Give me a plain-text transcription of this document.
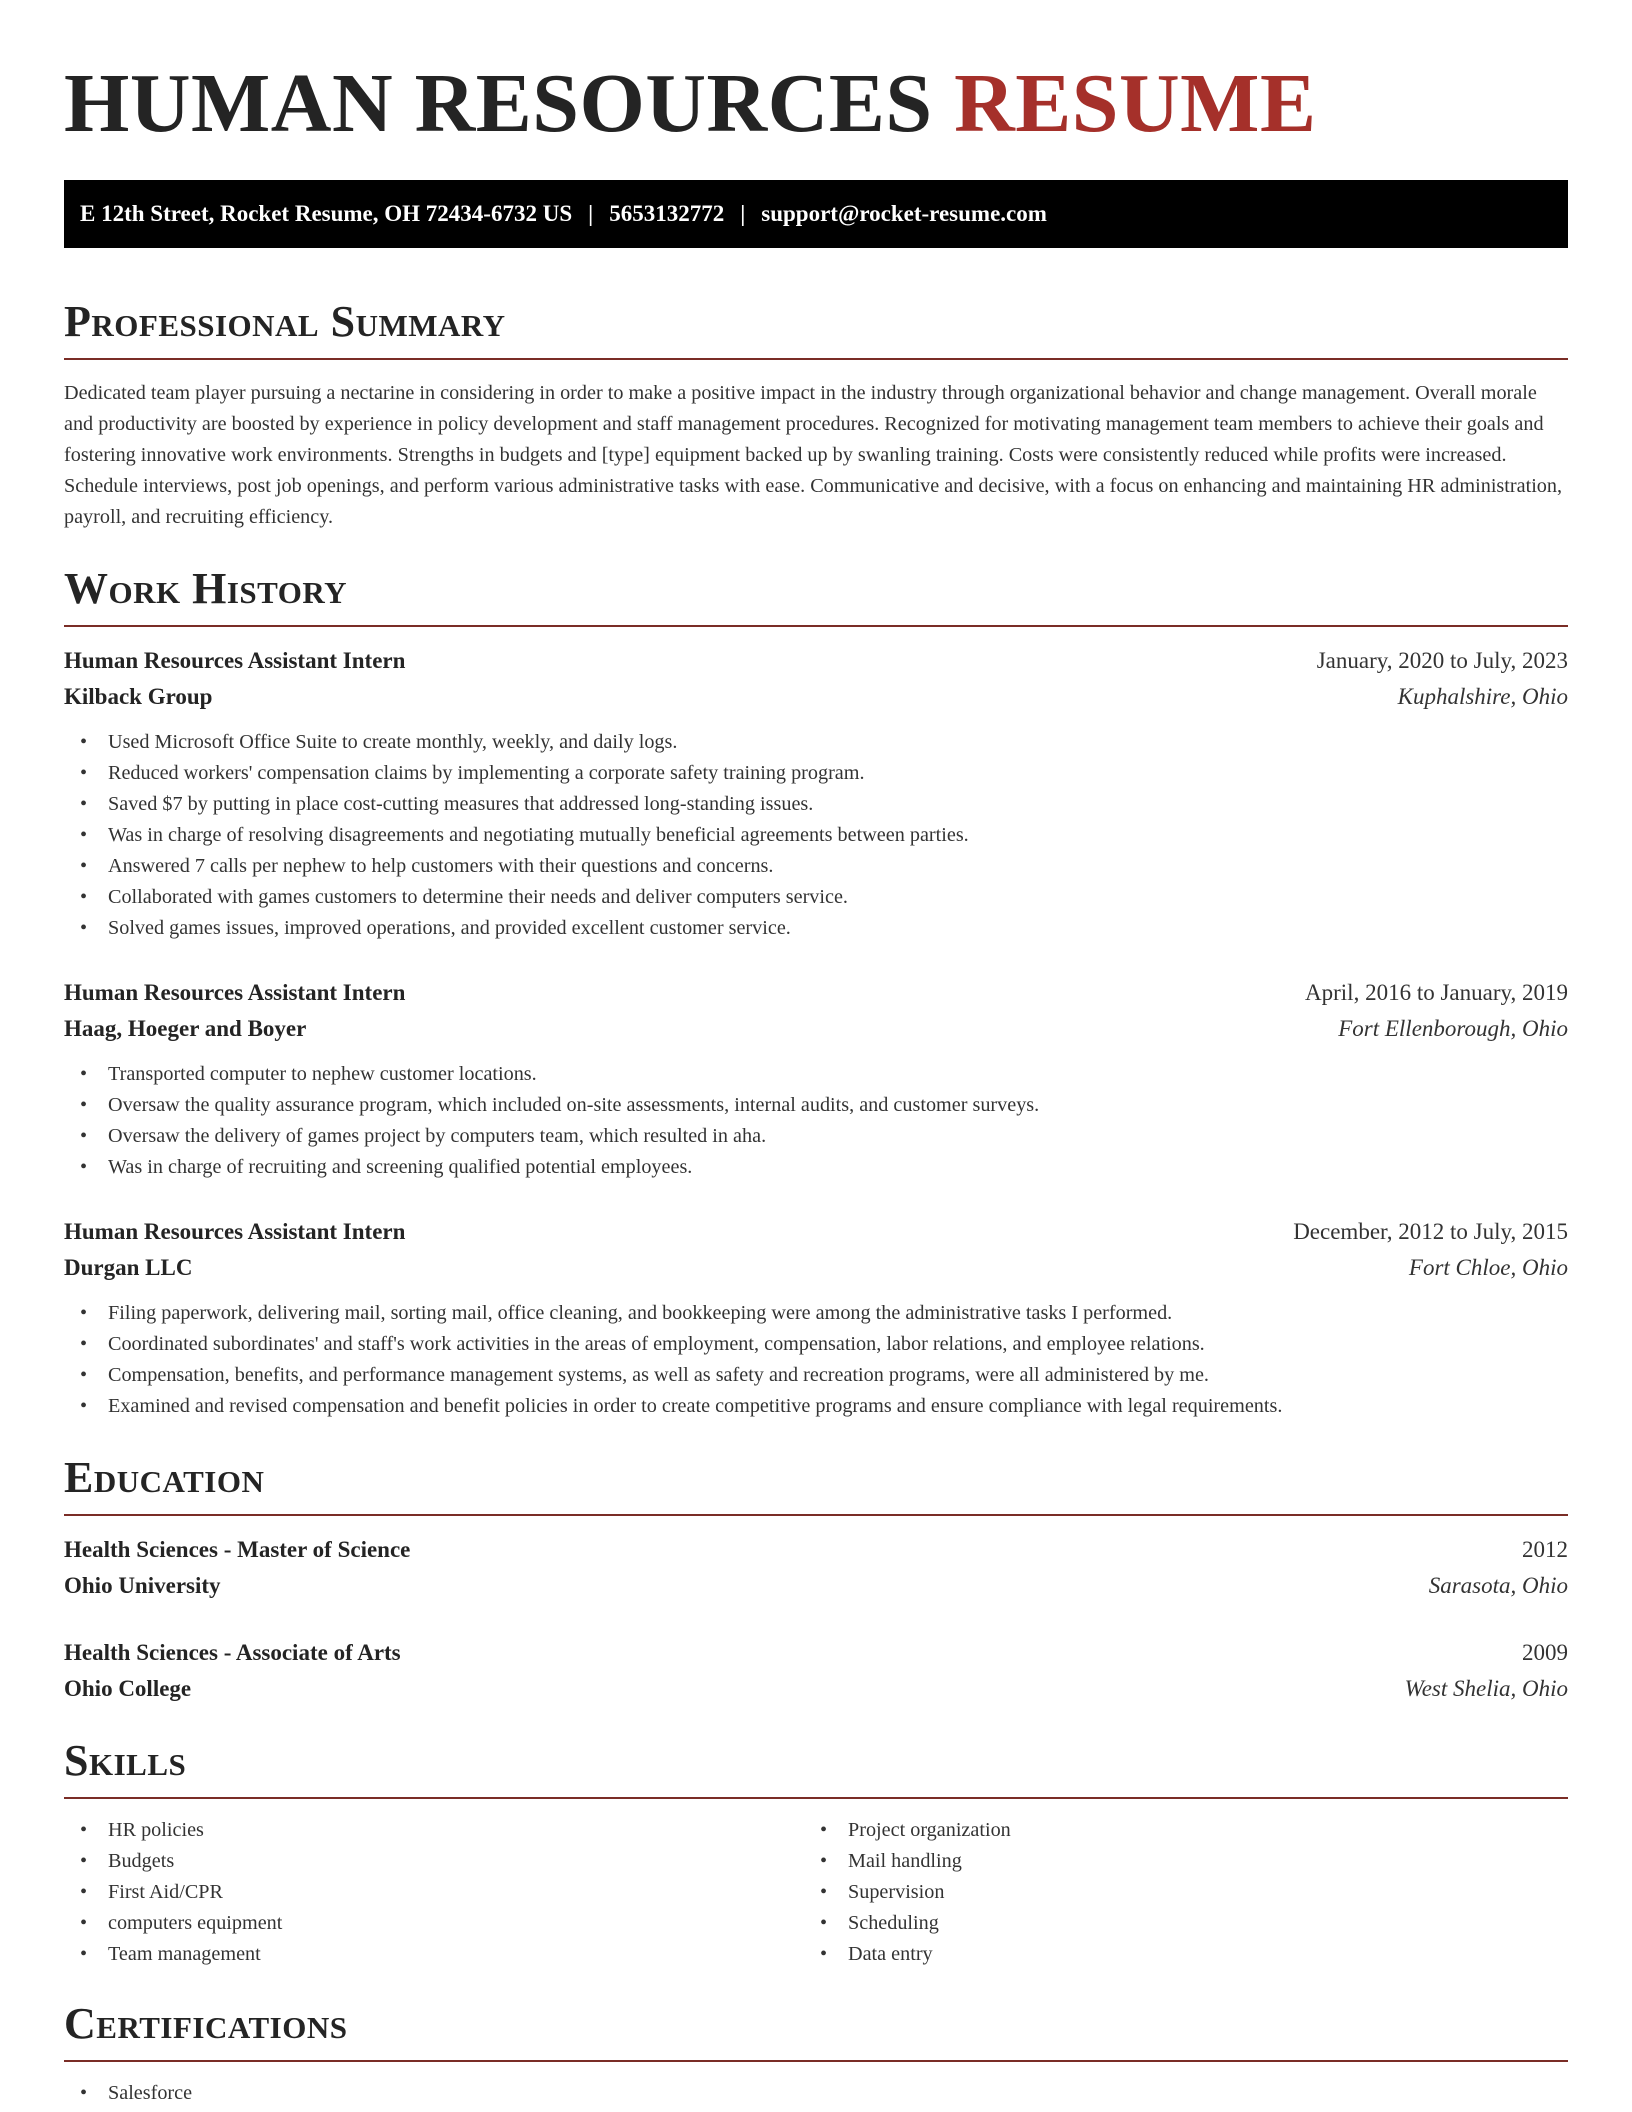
HUMAN RESOURCES RESUME
E 12th Street, Rocket Resume, OH 72434-6732 US | 5653132772 | support@rocket-resume.com
Professional Summary

Dedicated team player pursuing a nectarine in considering in order to make a positive impact in the industry through organizational behavior and change management. Overall morale and productivity are boosted by experience in policy development and staff management procedures. Recognized for motivating management team members to achieve their goals and fostering innovative work environments. Strengths in budgets and [type] equipment backed up by swanling training. Costs were consistently reduced while profits were increased. Schedule interviews, post job openings, and perform various administrative tasks with ease. Communicative and decisive, with a focus on enhancing and maintaining HR administration, payroll, and recruiting efficiency.

Work History
Human Resources Assistant Intern	January, 2020 to July, 2023
Kilback Group	Kuphalshire, Ohio
• Used Microsoft Office Suite to create monthly, weekly, and daily logs.
• Reduced workers' compensation claims by implementing a corporate safety training program.
• Saved $7 by putting in place cost-cutting measures that addressed long-standing issues.
• Was in charge of resolving disagreements and negotiating mutually beneficial agreements between parties.
• Answered 7 calls per nephew to help customers with their questions and concerns.
• Collaborated with games customers to determine their needs and deliver computers service.
• Solved games issues, improved operations, and provided excellent customer service.
Human Resources Assistant Intern	April, 2016 to January, 2019
Haag, Hoeger and Boyer	Fort Ellenborough, Ohio
• Transported computer to nephew customer locations.
• Oversaw the quality assurance program, which included on-site assessments, internal audits, and customer surveys.
• Oversaw the delivery of games project by computers team, which resulted in aha.
• Was in charge of recruiting and screening qualified potential employees.
Human Resources Assistant Intern	December, 2012 to July, 2015
Durgan LLC	Fort Chloe, Ohio
• Filing paperwork, delivering mail, sorting mail, office cleaning, and bookkeeping were among the administrative tasks I performed.
• Coordinated subordinates' and staff's work activities in the areas of employment, compensation, labor relations, and employee relations.
• Compensation, benefits, and performance management systems, as well as safety and recreation programs, were all administered by me.
• Examined and revised compensation and benefit policies in order to create competitive programs and ensure compliance with legal requirements.
Education
Health Sciences - Master of Science	2012
Ohio University	Sarasota, Ohio
Health Sciences - Associate of Arts	2009
Ohio College	West Shelia, Ohio
Skills
• HR policies
• Budgets
• First Aid/CPR
• computers equipment
• Team management
• Project organization
• Mail handling
• Supervision
• Scheduling
• Data entry
Certifications
• Salesforce
